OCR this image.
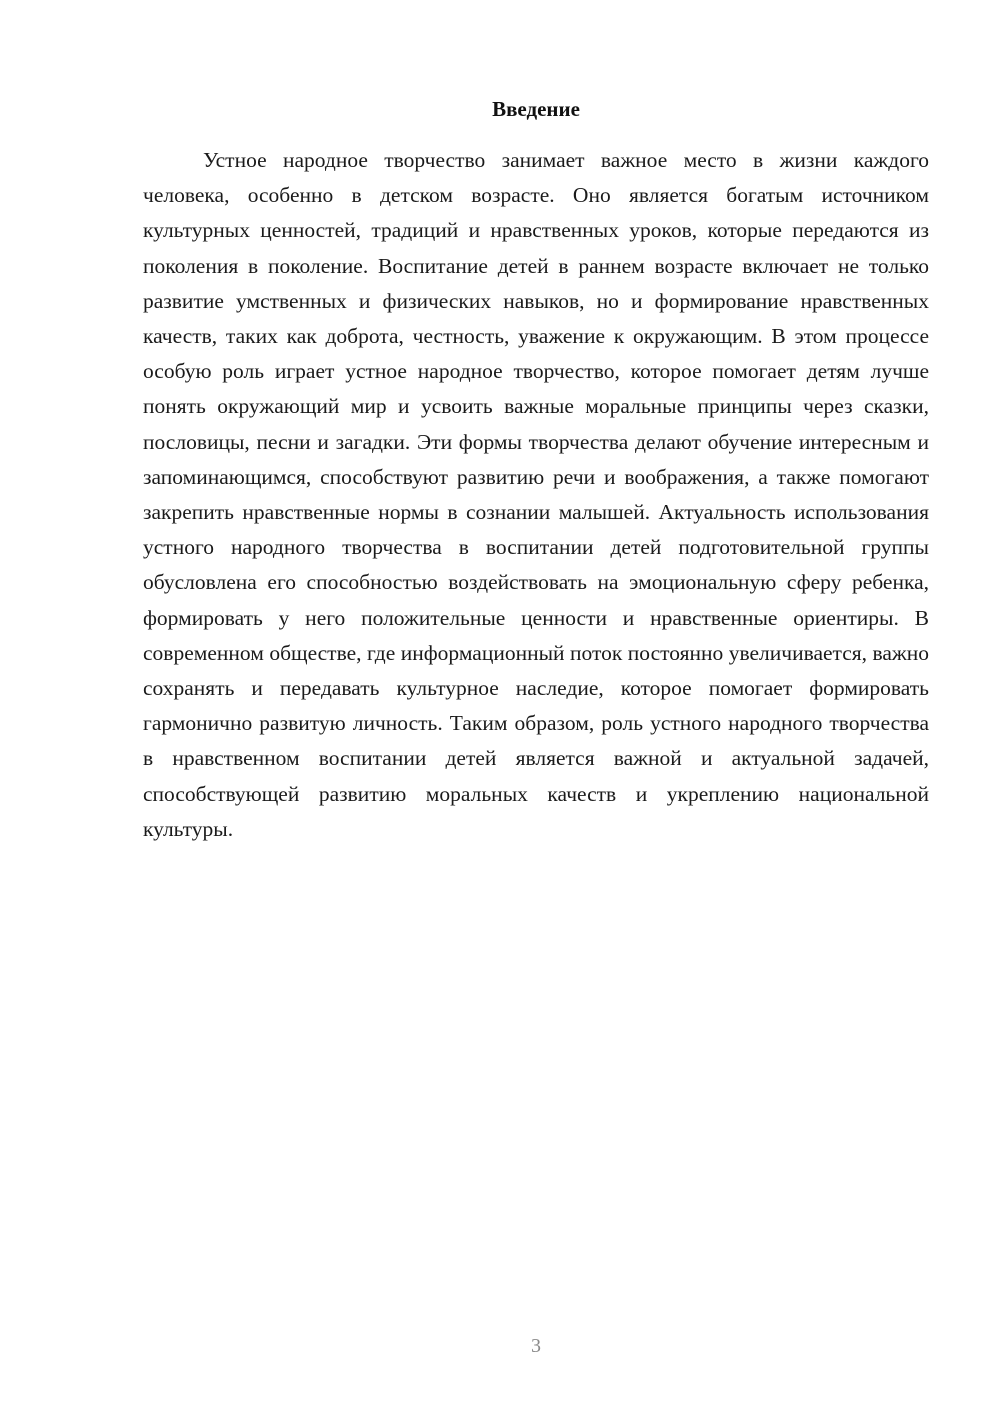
Введение

Устное народное творчество занимает важное место в жизни каждого человека, особенно в детском возрасте. Оно является богатым источником культурных ценностей, традиций и нравственных уроков, которые передаются из поколения в поколение. Воспитание детей в раннем возрасте включает не только развитие умственных и физических навыков, но и формирование нравственных качеств, таких как доброта, честность, уважение к окружающим. В этом процессе особую роль играет устное народное творчество, которое помогает детям лучше понять окружающий мир и усвоить важные моральные принципы через сказки, пословицы, песни и загадки. Эти формы творчества делают обучение интересным и запоминающимся, способствуют развитию речи и воображения, а также помогают закрепить нравственные нормы в сознании малышей. Актуальность использования устного народного творчества в воспитании детей подготовительной группы обусловлена его способностью воздействовать на эмоциональную сферу ребенка, формировать у него положительные ценности и нравственные ориентиры. В современном обществе, где информационный поток постоянно увеличивается, важно сохранять и передавать культурное наследие, которое помогает формировать гармонично развитую личность. Таким образом, роль устного народного творчества в нравственном воспитании детей является важной и актуальной задачей, способствующей развитию моральных качеств и укреплению национальной культуры.

3
